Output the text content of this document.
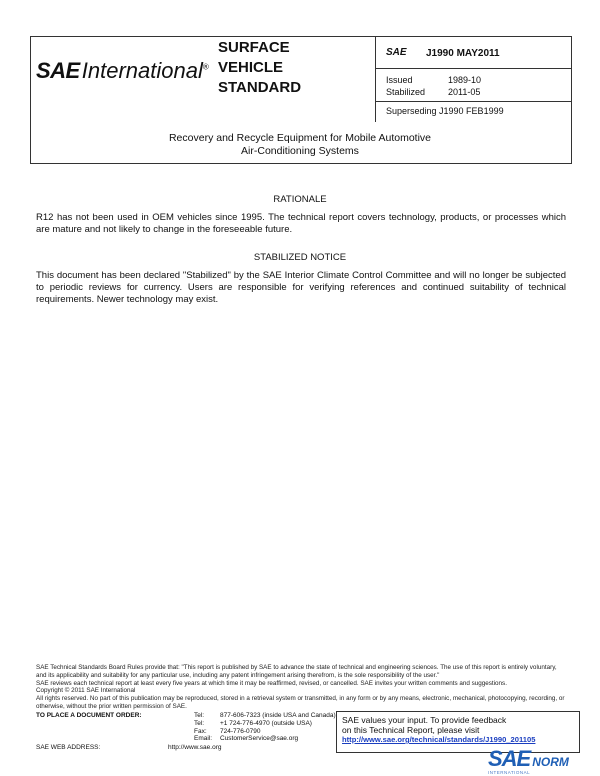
SAEInternational®
SURFACE
VEHICLE
STANDARD
SAE J1990 MAY2011
Issued	1989-10
Stabilized	2011-05
Superseding J1990 FEB1999
Recovery and Recycle Equipment for Mobile Automotive
Air-Conditioning Systems
RATIONALE
R12 has not been used in OEM vehicles since 1995. The technical report covers technology, products, or processes which are mature and not likely to change in the foreseeable future.
STABILIZED NOTICE
This document has been declared "Stabilized" by the SAE Interior Climate Control Committee and will no longer be subjected to periodic reviews for currency. Users are responsible for verifying references and continued suitability of technical requirements. Newer technology may exist.
SAE Technical Standards Board Rules provide that: "This report is published by SAE to advance the state of technical and engineering sciences. The use of this report is entirely voluntary, and its applicability and suitability for any particular use, including any patent infringement arising therefrom, is the sole responsibility of the user."
SAE reviews each technical report at least every five years at which time it may be reaffirmed, revised, or cancelled. SAE invites your written comments and suggestions.
Copyright © 2011 SAE International
All rights reserved. No part of this publication may be reproduced, stored in a retrieval system or transmitted, in any form or by any means, electronic, mechanical, photocopying, recording, or otherwise, without the prior written permission of SAE.
TO PLACE A DOCUMENT ORDER:	Tel: 877-606-7323 (inside USA and Canada)
Tel: +1 724-776-4970 (outside USA)
Fax: 724-776-0790
Email: CustomerService@sae.org
SAE WEB ADDRESS:	http://www.sae.org
SAE values your input. To provide feedback
on this Technical Report, please visit
http://www.sae.org/technical/standards/J1990_201105
SAE NORM
INTERNATIONAL
